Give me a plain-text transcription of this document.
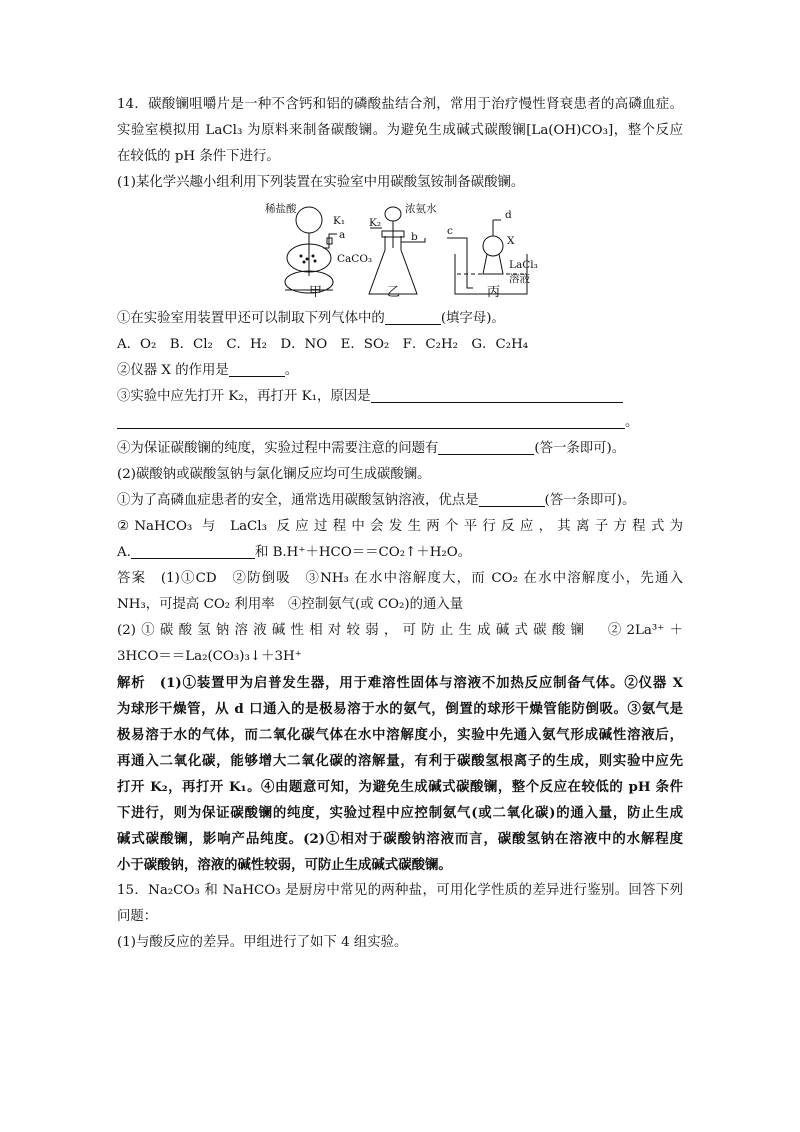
14．碳酸镧咀嚼片是一种不含钙和铝的磷酸盐结合剂，常用于治疗慢性肾衰患者的高磷血症。
实验室模拟用 LaCl₃ 为原料来制备碳酸镧。为避免生成碱式碳酸镧[La(OH)CO₃]，整个反应
在较低的 pH 条件下进行。
(1)某化学兴趣小组利用下列装置在实验室中用碳酸氢铵制备碳酸镧。
稀盐酸
K₁
a
CaCO₃
浓氨水
K₂
b	c
d
X
LaCl₃
溶液
甲	乙	丙
①在实验室用装置甲还可以制取下列气体中的	(填字母)。
A．O₂　B．Cl₂　C．H₂　D．NO　E．SO₂　F．C₂H₂　G．C₂H₄
②仪器 X 的作用是	。
③实验中应先打开 K₂，再打开 K₁，原因是
。
④为保证碳酸镧的纯度，实验过程中需要注意的问题有	(答一条即可)。
(2)碳酸钠或碳酸氢钠与氯化镧反应均可生成碳酸镧。
①为了高磷血症患者的安全，通常选用碳酸氢钠溶液，优点是	(答一条即可)。
②NaHCO₃ 与 LaCl₃ 反应过程中会发生两个平行反应，其离子方程式为
A.	和 B.H⁺＋HCO＝＝CO₂↑＋H₂O。
答案　(1)①CD　②防倒吸　③NH₃ 在水中溶解度大，而 CO₂ 在水中溶解度小，先通入
NH₃，可提高 CO₂ 利用率　④控制氨气(或 CO₂)的通入量
(2)①碳酸氢钠溶液碱性相对较弱，可防止生成碱式碳酸镧　②2La³⁺＋
3HCO＝＝La₂(CO₃)₃↓＋3H⁺
解析　(1)①装置甲为启普发生器，用于难溶性固体与溶液不加热反应制备气体。②仪器 X
为球形干燥管，从 d 口通入的是极易溶于水的氨气，倒置的球形干燥管能防倒吸。③氨气是
极易溶于水的气体，而二氧化碳气体在水中溶解度小，实验中先通入氨气形成碱性溶液后，
再通入二氧化碳，能够增大二氧化碳的溶解量，有利于碳酸氢根离子的生成，则实验中应先
打开 K₂，再打开 K₁。④由题意可知，为避免生成碱式碳酸镧，整个反应在较低的 pH 条件
下进行，则为保证碳酸镧的纯度，实验过程中应控制氨气(或二氧化碳)的通入量，防止生成
碱式碳酸镧，影响产品纯度。(2)①相对于碳酸钠溶液而言，碳酸氢钠在溶液中的水解程度
小于碳酸钠，溶液的碱性较弱，可防止生成碱式碳酸镧。
15．Na₂CO₃ 和 NaHCO₃ 是厨房中常见的两种盐，可用化学性质的差异进行鉴别。回答下列
问题：
(1)与酸反应的差异。甲组进行了如下 4 组实验。
